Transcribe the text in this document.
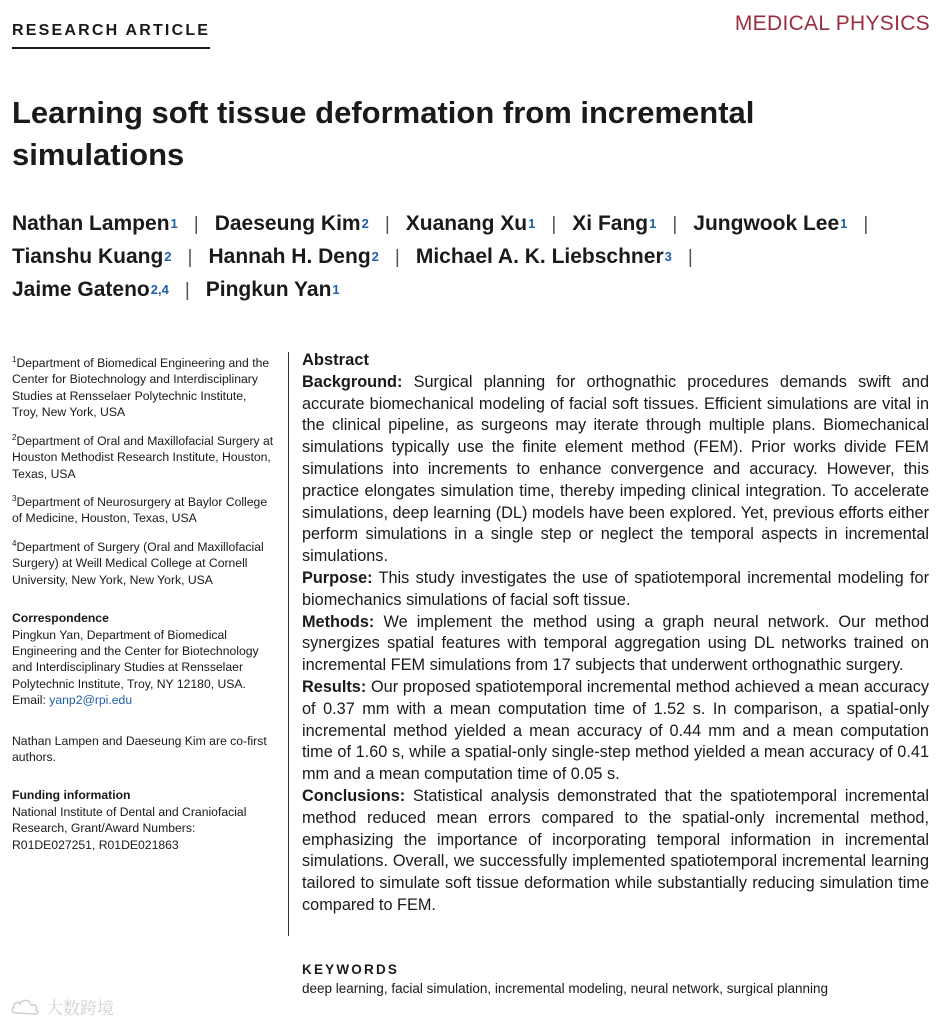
RESEARCH ARTICLE	MEDICAL PHYSICS
Learning soft tissue deformation from incremental simulations
Nathan Lampen$^1$ | Daeseung Kim$^2$ | Xuanang Xu$^1$ | Xi Fang$^1$ | Jungwook Lee$^1$ |
Tianshu Kuang$^2$ | Hannah H. Deng$^2$ | Michael A. K. Liebschner$^3$ |
Jaime Gateno$^{2,4}$ | Pingkun Yan$^1$

$^1$Department of Biomedical Engineering and the Center for Biotechnology and Interdisciplinary Studies at Rensselaer Polytechnic Institute, Troy, New York, USA

$^2$Department of Oral and Maxillofacial Surgery at Houston Methodist Research Institute, Houston, Texas, USA

$^3$Department of Neurosurgery at Baylor College of Medicine, Houston, Texas, USA

$^4$Department of Surgery (Oral and Maxillofacial Surgery) at Weill Medical College at Cornell University, New York, New York, USA

Correspondence

Pingkun Yan, Department of Biomedical Engineering and the Center for Biotechnology and Interdisciplinary Studies at Rensselaer Polytechnic Institute, Troy, NY 12180, USA. Email: yanp2@rpi.edu

Nathan Lampen and Daeseung Kim are co-first authors.

Funding information

National Institute of Dental and Craniofacial Research, Grant/Award Numbers: R01DE027251, R01DE021863

Abstract

Background: Surgical planning for orthognathic procedures demands swift and accurate biomechanical modeling of facial soft tissues. Efficient simulations are vital in the clinical pipeline, as surgeons may iterate through multiple plans. Biomechanical simulations typically use the finite element method (FEM). Prior works divide FEM simulations into increments to enhance convergence and accuracy. However, this practice elongates simulation time, thereby impeding clinical integration. To accelerate simulations, deep learning (DL) models have been explored. Yet, previous efforts either perform simulations in a single step or neglect the temporal aspects in incremental simulations.

Purpose: This study investigates the use of spatiotemporal incremental modeling for biomechanics simulations of facial soft tissue.

Methods: We implement the method using a graph neural network. Our method synergizes spatial features with temporal aggregation using DL networks trained on incremental FEM simulations from 17 subjects that underwent orthognathic surgery.

Results: Our proposed spatiotemporal incremental method achieved a mean accuracy of 0.37 mm with a mean computation time of 1.52 s. In comparison, a spatial-only incremental method yielded a mean accuracy of 0.44 mm and a mean computation time of 1.60 s, while a spatial-only single-step method yielded a mean accuracy of 0.41 mm and a mean computation time of 0.05 s.

Conclusions: Statistical analysis demonstrated that the spatiotemporal incremental method reduced mean errors compared to the spatial-only incremental method, emphasizing the importance of incorporating temporal information in incremental simulations. Overall, we successfully implemented spatiotemporal incremental learning tailored to simulate soft tissue deformation while substantially reducing simulation time compared to FEM.

KEYWORDS
deep learning, facial simulation, incremental modeling, neural network, surgical planning
大数跨境
